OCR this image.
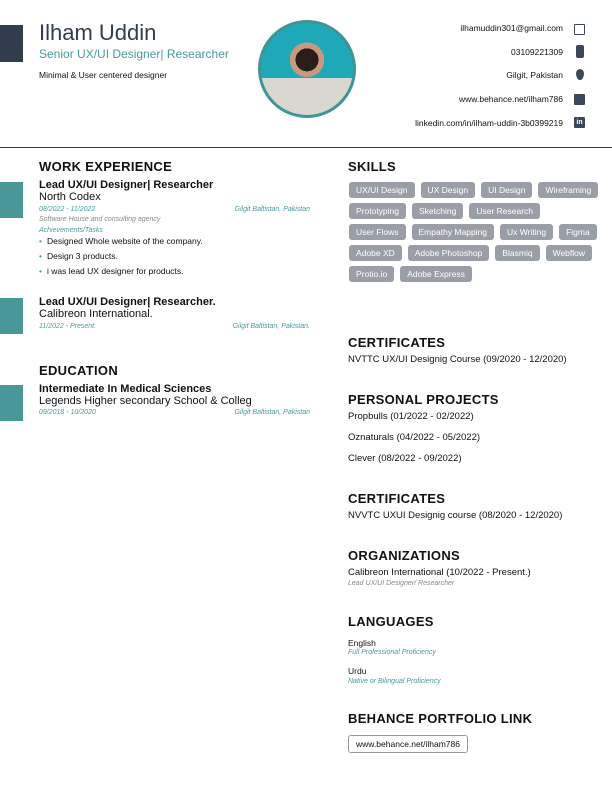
Ilham Uddin
Senior UX/UI Designer| Researcher
Minimal & User centered designer
ilhamuddin301@gmail.com
03109221309
Gilgit, Pakistan
www.behance.net/ilham786
linkedin.com/in/ilham-uddin-3b0399219	in
WORK EXPERIENCE
Lead UX/UI Designer| Researcher
North Codex
08/2022 - 11/2022	Gilgit Baltistan, Pakistan
Software House and consulting agency
Achievements/Tasks
• Designed Whole website of the company.
• Design 3 products.
• i was lead UX designer for products.
Lead UX/UI Designer| Researcher.
Calibreon International.
11/2022 - Present.	Gilgit Baltistan, Pakistan.
EDUCATION
Intermediate In Medical Sciences
Legends Higher secondary School & Colleg
09/2018 - 10/2020	Gilgit Baltistan, Pakistan
SKILLS
UX/UI Design	UX Design	UI Design	Wireframing
Prototyping	Sketching	User Research
User Flows	Empathy Mapping	Ux Writing	Figma
Adobe XD	Adobe Photoshop	Blasmiq	Webflow
Protio.io	Adobe Express
CERTIFICATES
NVTTC UX/UI Designig Course (09/2020 - 12/2020)
PERSONAL PROJECTS
Propbulls (01/2022 - 02/2022)
Oznaturals (04/2022 - 05/2022)
Clever (08/2022 - 09/2022)
CERTIFICATES
NVVTC UXUI Designig course (08/2020 - 12/2020)
ORGANIZATIONS
Calibreon International (10/2022 - Present.)
Lead UX/UI Designer/ Researcher
LANGUAGES
English
Full Professional Proficiency
Urdu
Native or Bilingual Proficiency
BEHANCE PORTFOLIO LINK
www.behance.net/ilham786
